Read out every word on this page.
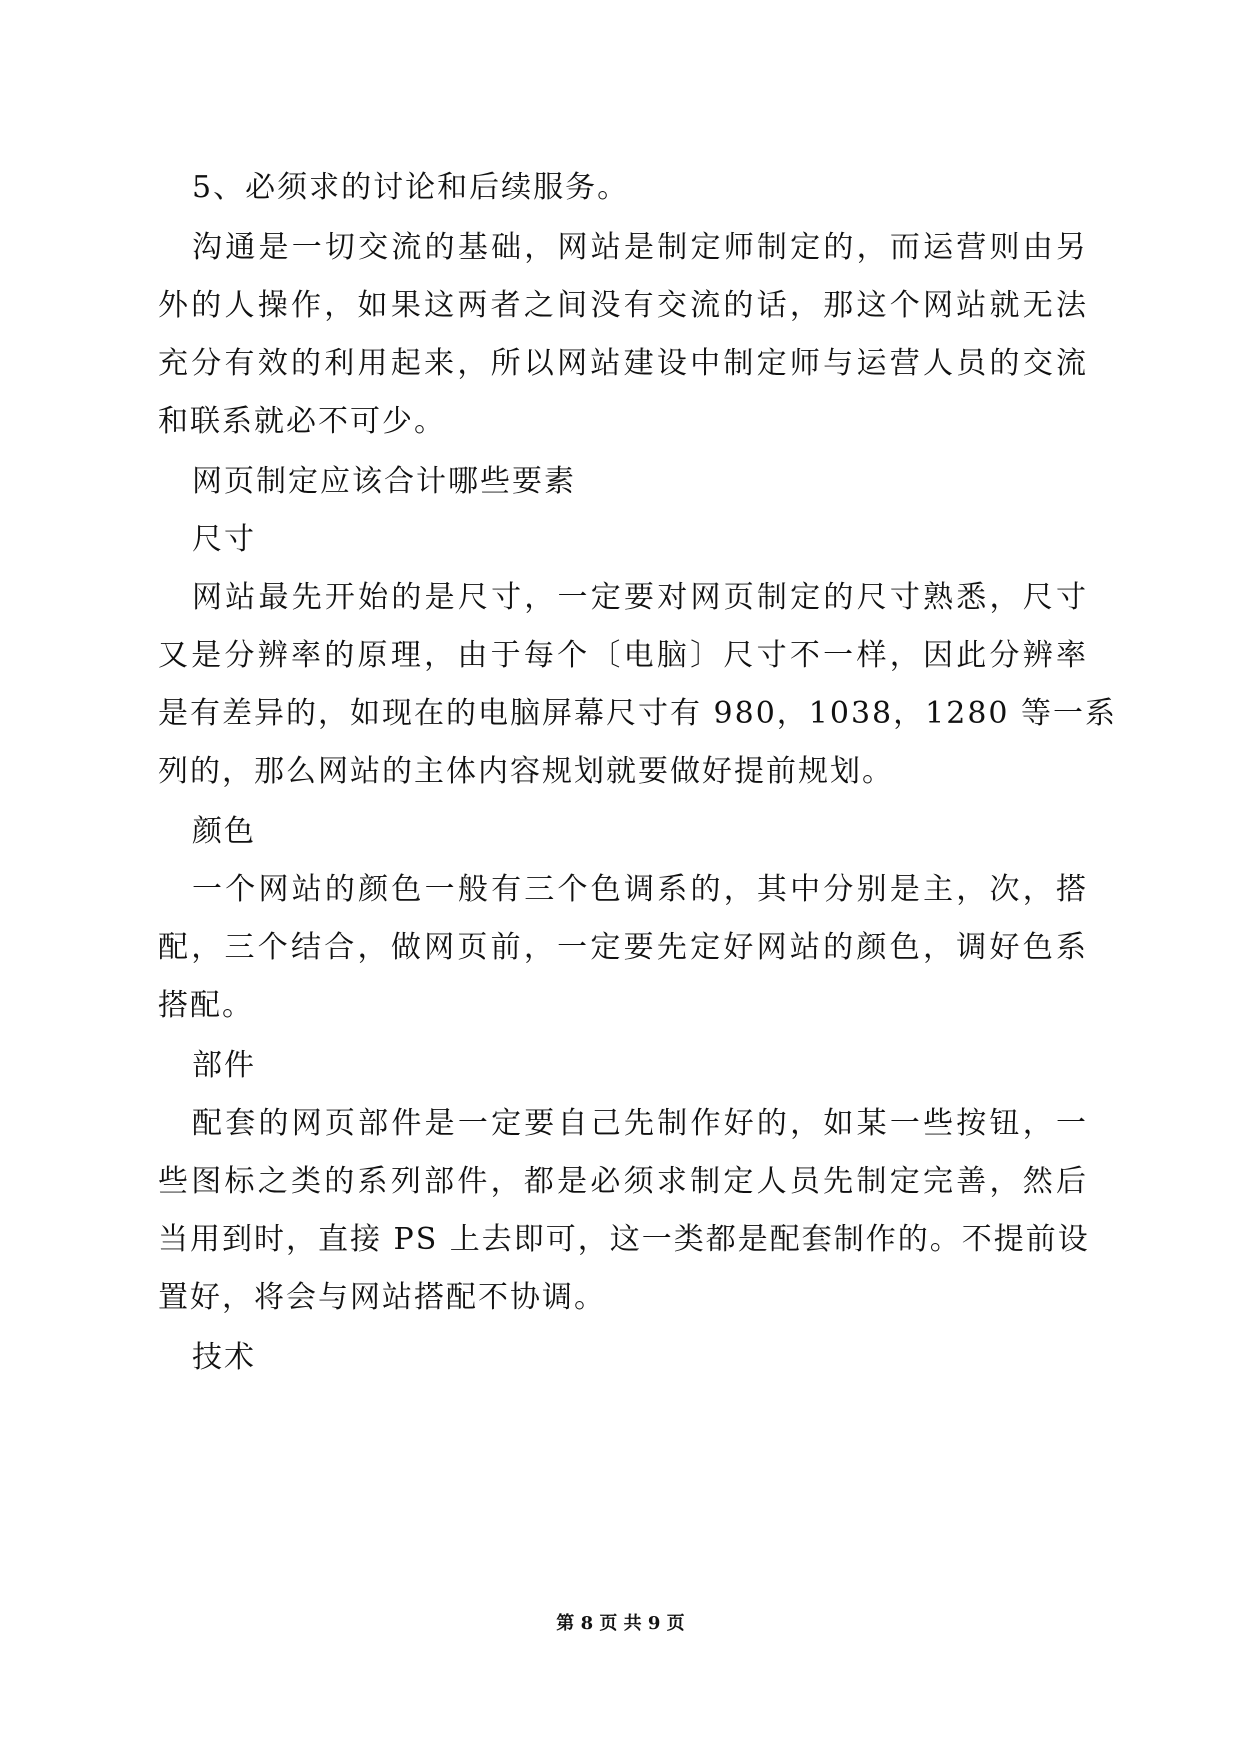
5、必须求的讨论和后续服务。
沟通是一切交流的基础，网站是制定师制定的，而运营则由另
外的人操作，如果这两者之间没有交流的话，那这个网站就无法
充分有效的利用起来，所以网站建设中制定师与运营人员的交流
和联系就必不可少。
网页制定应该合计哪些要素
尺寸
网站最先开始的是尺寸，一定要对网页制定的尺寸熟悉，尺寸
又是分辨率的原理，由于每个〔电脑〕尺寸不一样，因此分辨率
是有差异的，如现在的电脑屏幕尺寸有 980，1038，1280 等一系
列的，那么网站的主体内容规划就要做好提前规划。
颜色
一个网站的颜色一般有三个色调系的，其中分别是主，次，搭
配，三个结合，做网页前，一定要先定好网站的颜色，调好色系
搭配。
部件
配套的网页部件是一定要自己先制作好的，如某一些按钮，一
些图标之类的系列部件，都是必须求制定人员先制定完善，然后
当用到时，直接 PS 上去即可，这一类都是配套制作的。不提前设
置好，将会与网站搭配不协调。
技术
第 8 页 共 9 页
